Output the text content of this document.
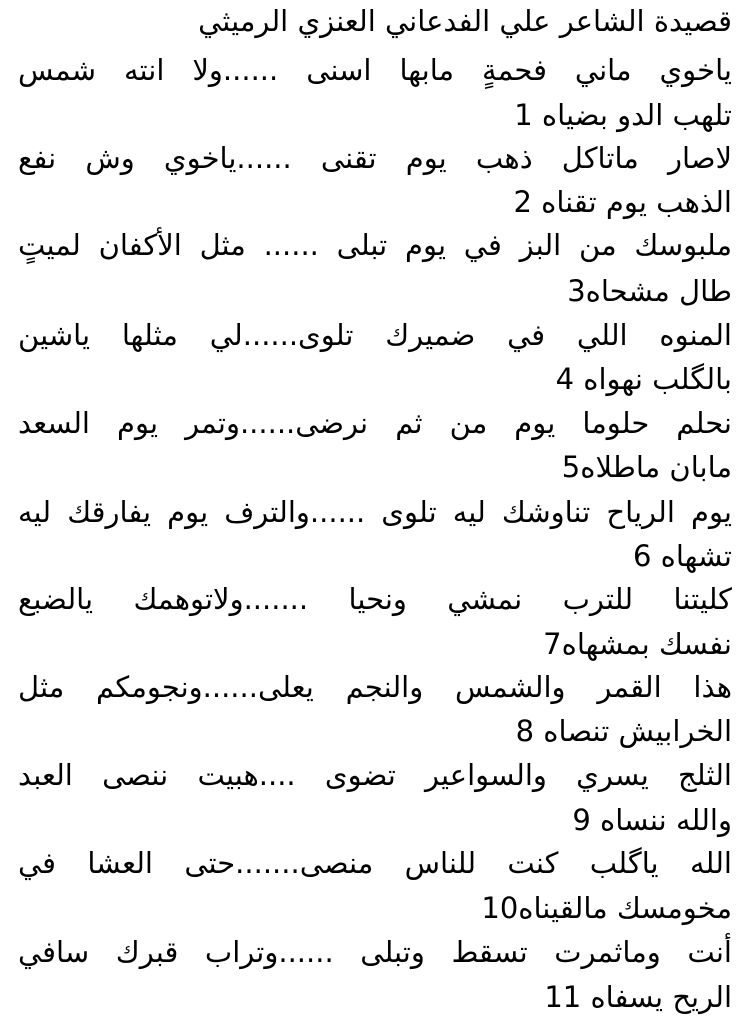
قصيدة الشاعر علي الفدعاني العنزي الرميثي
ياخوي ماني فحمةٍ مابها اسنى ......ولا انته شمس
تلهب الدو بضياه 1
لاصار ماتاكل ذهب يوم تقنى ......ياخوي وش نفع
الذهب يوم تقناه 2
ملبوسك من البز في يوم تبلى ...... مثل الأكفان لميتٍ
طال مشحاه3
المنوه اللي في ضميرك تلوى......لي مثلها ياشين
بالگلب نهواه 4
نحلم حلوما يوم من ثم نرضى......وتمر يوم السعد
مابان ماطلاه5
يوم الرياح تناوشك ليه تلوى ......والترف يوم يفارقك ليه
تشهاه 6
كليتنا للترب نمشي ونحيا .......ولاتوهمك يالضبع
نفسك بمشهاه7
هذا القمر والشمس والنجم يعلى......ونجومكم مثل
الخرابيش تنصاه 8
الثلج يسري والسواعير تضوى ....هبيت ننصى العبد
والله ننساه 9
الله ياگلب كنت للناس منصى.......حتى العشا في
مخومسك مالقيناه10
أنت وماثمرت تسقط وتبلى ......وتراب قبرك سافي
الريح يسفاه 11
